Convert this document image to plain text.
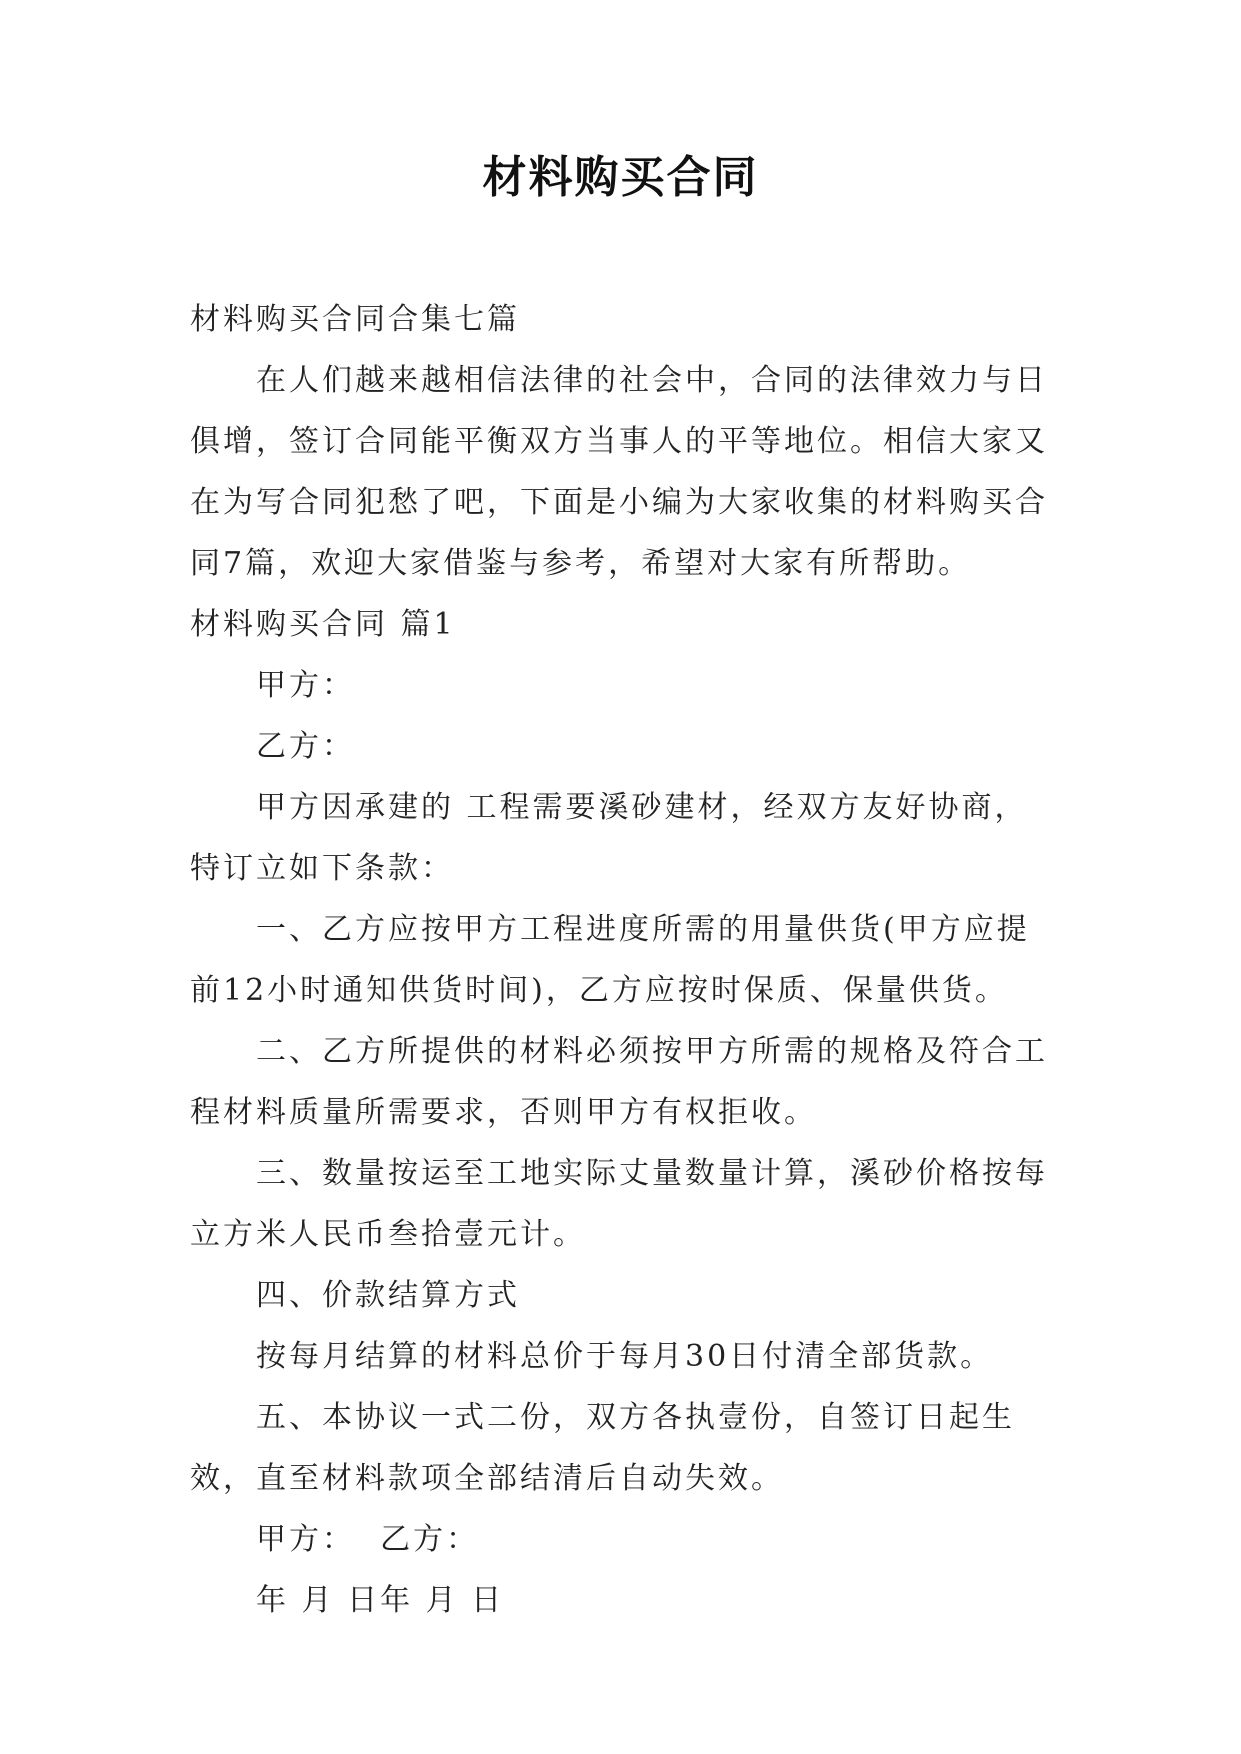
材料购买合同

材料购买合同合集七篇

在人们越来越相信法律的社会中，合同的法律效力与日俱增，签订合同能平衡双方当事人的平等地位。相信大家又在为写合同犯愁了吧，下面是小编为大家收集的材料购买合同7篇，欢迎大家借鉴与参考，希望对大家有所帮助。

材料购买合同 篇1

甲方：

乙方：

甲方因承建的 工程需要溪砂建材，经双方友好协商，特订立如下条款：

一、乙方应按甲方工程进度所需的用量供货(甲方应提前12小时通知供货时间)，乙方应按时保质、保量供货。

二、乙方所提供的材料必须按甲方所需的规格及符合工程材料质量所需要求，否则甲方有权拒收。

三、数量按运至工地实际丈量数量计算，溪砂价格按每立方米人民币叁拾壹元计。

四、价款结算方式

按每月结算的材料总价于每月30日付清全部货款。

五、本协议一式二份，双方各执壹份，自签订日起生效，直至材料款项全部结清后自动失效。

甲方：  乙方：

年 月 日年 月 日
